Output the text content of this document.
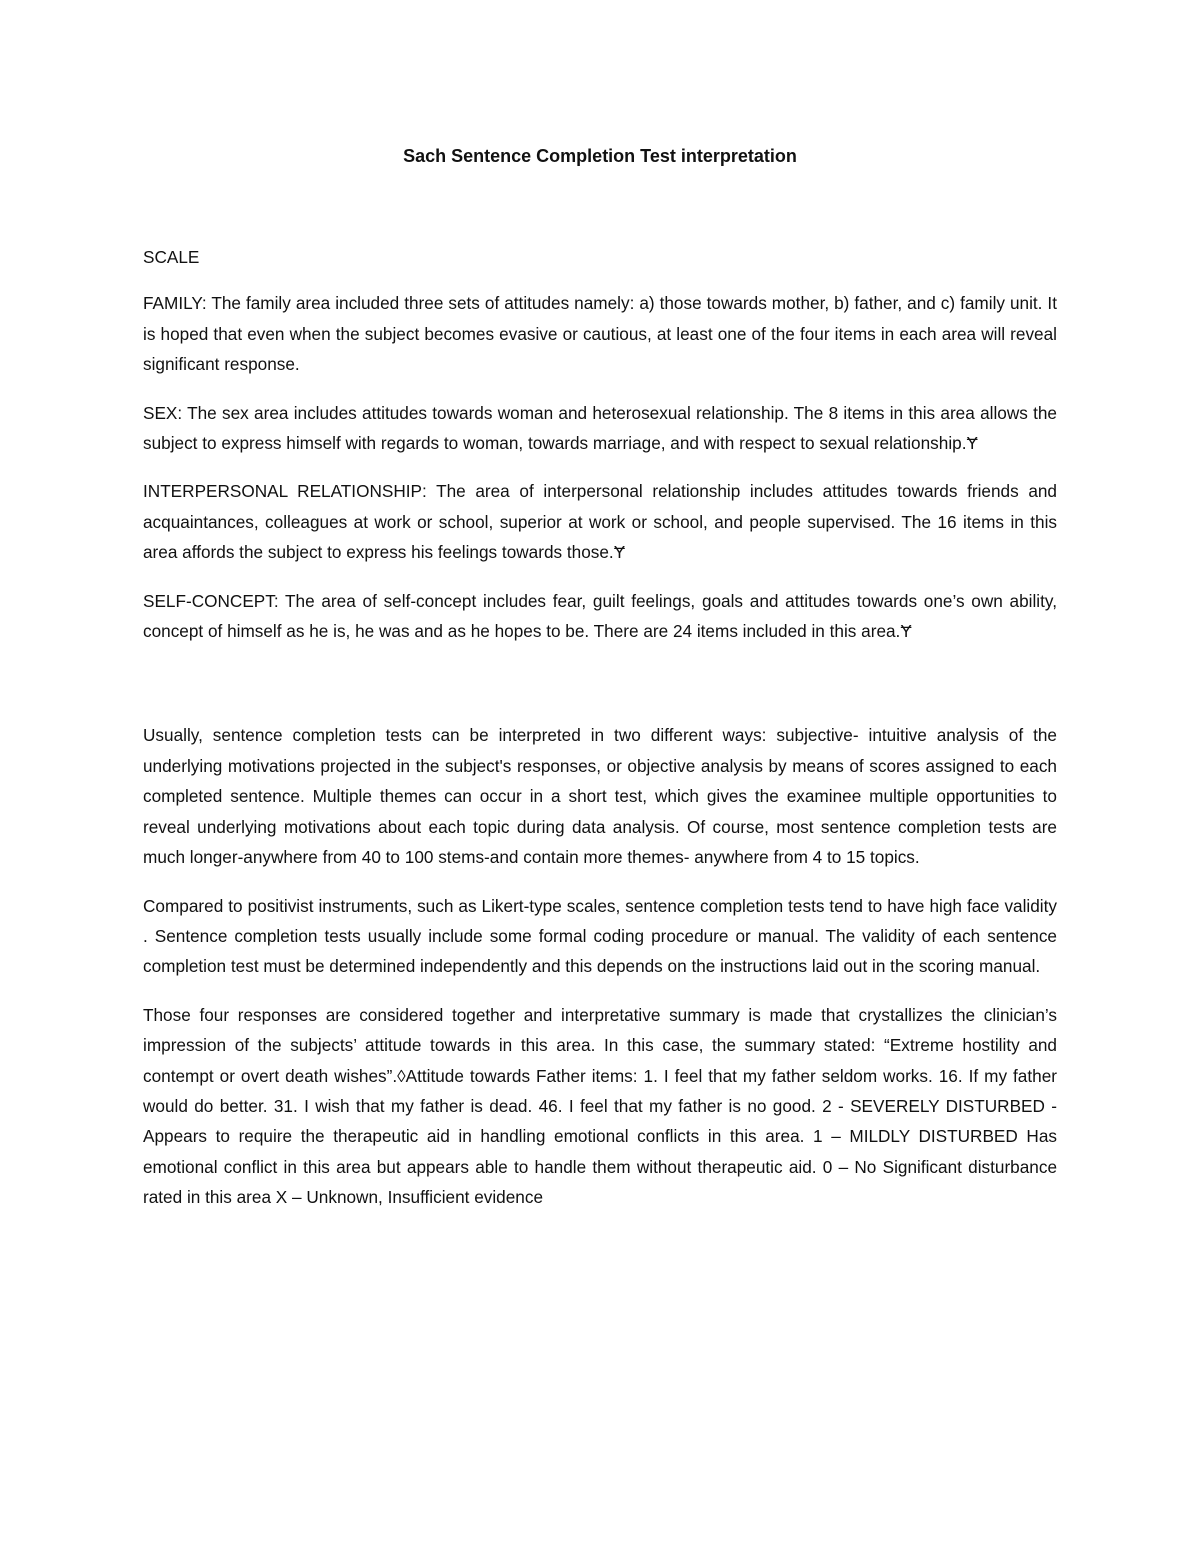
Sach Sentence Completion Test interpretation

SCALE

FAMILY: The family area included three sets of attitudes namely: a) those towards mother, b) father, and c) family unit. It is hoped that even when the subject becomes evasive or cautious, at least one of the four items in each area will reveal significant response.

SEX: The sex area includes attitudes towards woman and heterosexual relationship. The 8 items in this area allows the subject to express himself with regards to woman, towards marriage, and with respect to sexual relationship.Ɏ

INTERPERSONAL RELATIONSHIP: The area of interpersonal relationship includes attitudes towards friends and acquaintances, colleagues at work or school, superior at work or school, and people supervised. The 16 items in this area affords the subject to express his feelings towards those.Ɏ

SELF-CONCEPT: The area of self-concept includes fear, guilt feelings, goals and attitudes towards one’s own ability, concept of himself as he is, he was and as he hopes to be. There are 24 items included in this area.Ɏ

Usually, sentence completion tests can be interpreted in two different ways: subjective- intuitive analysis of the underlying motivations projected in the subject's responses, or objective analysis by means of scores assigned to each completed sentence. Multiple themes can occur in a short test, which gives the examinee multiple opportunities to reveal underlying motivations about each topic during data analysis. Of course, most sentence completion tests are much longer-anywhere from 40 to 100 stems-and contain more themes- anywhere from 4 to 15 topics.

Compared to positivist instruments, such as Likert-type scales, sentence completion tests tend to have high face validity . Sentence completion tests usually include some formal coding procedure or manual. The validity of each sentence completion test must be determined independently and this depends on the instructions laid out in the scoring manual.

Those four responses are considered together and interpretative summary is made that crystallizes the clinician’s impression of the subjects’ attitude towards in this area. In this case, the summary stated: “Extreme hostility and contempt or overt death wishes”.◊Attitude towards Father items: 1. I feel that my father seldom works. 16. If my father would do better. 31. I wish that my father is dead. 46. I feel that my father is no good. 2 - SEVERELY DISTURBED - Appears to require the therapeutic aid in handling emotional conflicts in this area. 1 – MILDLY DISTURBED Has emotional conflict in this area but appears able to handle them without therapeutic aid. 0 – No Significant disturbance rated in this area X – Unknown, Insufficient evidence
